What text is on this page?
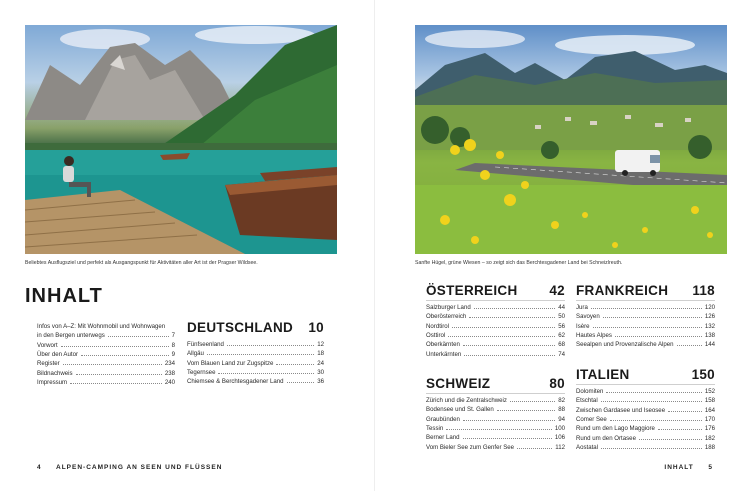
Beliebtes Ausflugsziel und perfekt als Ausgangspunkt für Aktivitäten aller Art ist der Pragser Wildsee.
INHALT
Infos von A–Z: Mit Wohnmobil und Wohnwagen
in den Bergen unterwegs	7
Vorwort	8
Über den Autor	9
Register	234
Bildnachweis	238
Impressum	240
DEUTSCHLAND 10
Fünfseenland	12
Allgäu	18
Vom Blauen Land zur Zugspitze	24
Tegernsee	30
Chiemsee & Berchtesgadener Land	36
4 ALPEN-CAMPING AN SEEN UND FLÜSSEN
Sanfte Hügel, grüne Wiesen – so zeigt sich das Berchtesgadener Land bei Schneizlreuth.
ÖSTERREICH 42
Salzburger Land	44
Oberösterreich	50
Nordtirol	56
Osttirol	62
Oberkärnten	68
Unterkärnten	74
SCHWEIZ	80
Zürich und die Zentralschweiz	82
Bodensee und St. Gallen	88
Graubünden	94
Tessin	100
Berner Land	106
Vom Bieler See zum Genfer See	112
FRANKREICH 118
Jura	120
Savoyen	126
Isère	132
Hautes Alpes	138
Seealpen und Provenzalische Alpen	144
ITALIEN	150
Dolomiten	152
Etschtal	158
Zwischen Gardasee und Iseosee	164
Comer See	170
Rund um den Lago Maggiore	176
Rund um den Ortasee	182
Aostatal	188
INHALT 5
